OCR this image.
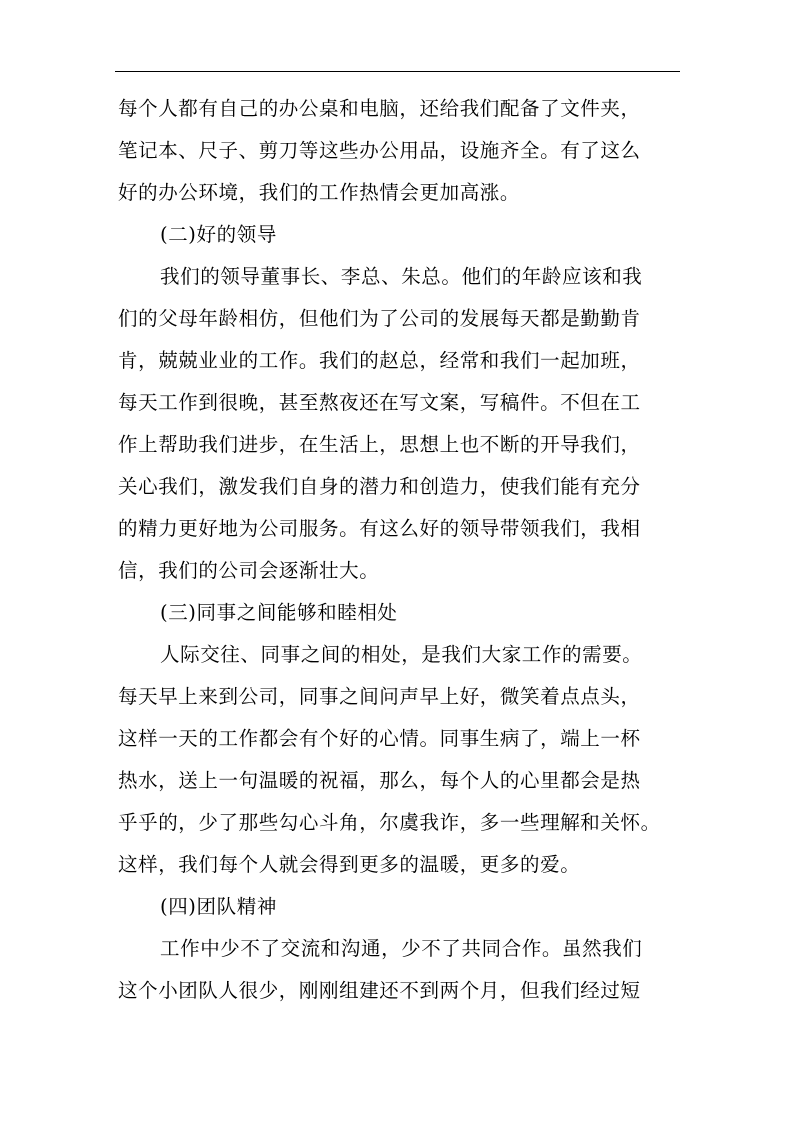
每个人都有自己的办公桌和电脑，还给我们配备了文件夹，
笔记本、尺子、剪刀等这些办公用品，设施齐全。有了这么
好的办公环境，我们的工作热情会更加高涨。
(二)好的领导
我们的领导董事长、李总、朱总。他们的年龄应该和我
们的父母年龄相仿，但他们为了公司的发展每天都是勤勤肯
肯，兢兢业业的工作。我们的赵总，经常和我们一起加班，
每天工作到很晚，甚至熬夜还在写文案，写稿件。不但在工
作上帮助我们进步，在生活上，思想上也不断的开导我们，
关心我们，激发我们自身的潜力和创造力，使我们能有充分
的精力更好地为公司服务。有这么好的领导带领我们，我相
信，我们的公司会逐渐壮大。
(三)同事之间能够和睦相处
人际交往、同事之间的相处，是我们大家工作的需要。
每天早上来到公司，同事之间问声早上好，微笑着点点头，
这样一天的工作都会有个好的心情。同事生病了，端上一杯
热水，送上一句温暖的祝福，那么，每个人的心里都会是热
乎乎的，少了那些勾心斗角，尔虞我诈，多一些理解和关怀。
这样，我们每个人就会得到更多的温暖，更多的爱。
(四)团队精神
工作中少不了交流和沟通，少不了共同合作。虽然我们
这个小团队人很少，刚刚组建还不到两个月，但我们经过短
